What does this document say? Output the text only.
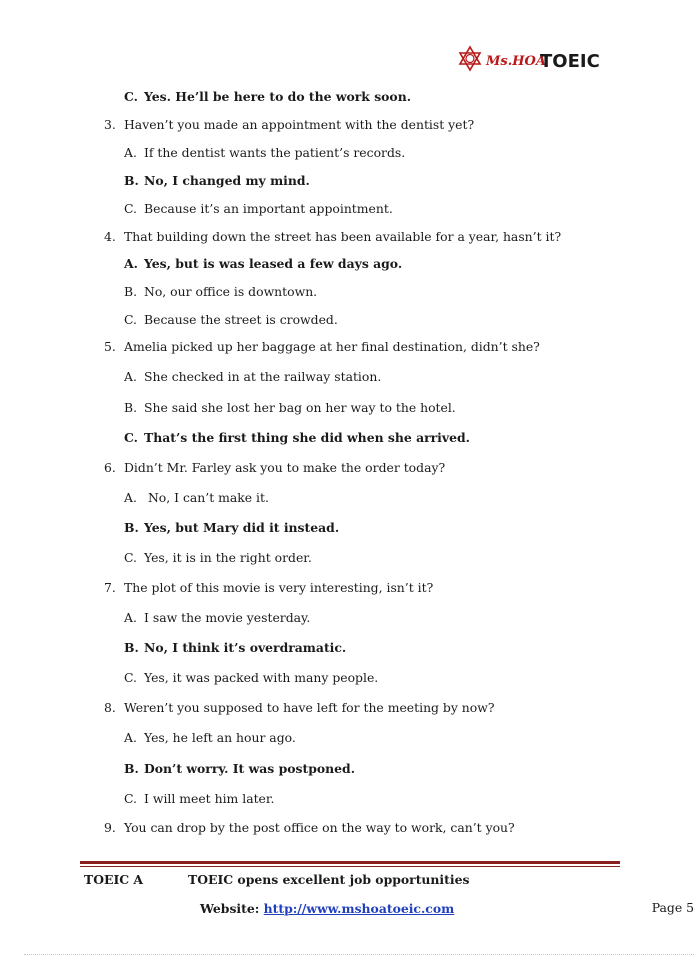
Ms.HOA
TOEIC
C. Yes. He’ll be here to do the work soon.
3. Haven’t you made an appointment with the dentist yet?
A. If the dentist wants the patient’s records.
B. No, I changed my mind.
C. Because it’s an important appointment.
4. That building down the street has been available for a year, hasn’t it?
A. Yes, but is was leased a few days ago.
B. No, our office is downtown.
C. Because the street is crowded.
5. Amelia picked up her baggage at her final destination, didn’t she?
A. She checked in at the railway station.
B. She said she lost her bag on her way to the hotel.
C. That’s the first thing she did when she arrived.
6. Didn’t Mr. Farley ask you to make the order today?
A. No, I can’t make it.
B. Yes, but Mary did it instead.
C. Yes, it is in the right order.
7. The plot of this movie is very interesting, isn’t it?
A. I saw the movie yesterday.
B. No, I think it’s overdramatic.
C. Yes, it was packed with many people.
8. Weren’t you supposed to have left for the meeting by now?
A. Yes, he left an hour ago.
B. Don’t worry. It was postponed.
C. I will meet him later.
9. You can drop by the post office on the way to work, can’t you?
TOEIC A	TOEIC opens excellent job opportunities
Website: http://www.mshoatoeic.com	Page 5
